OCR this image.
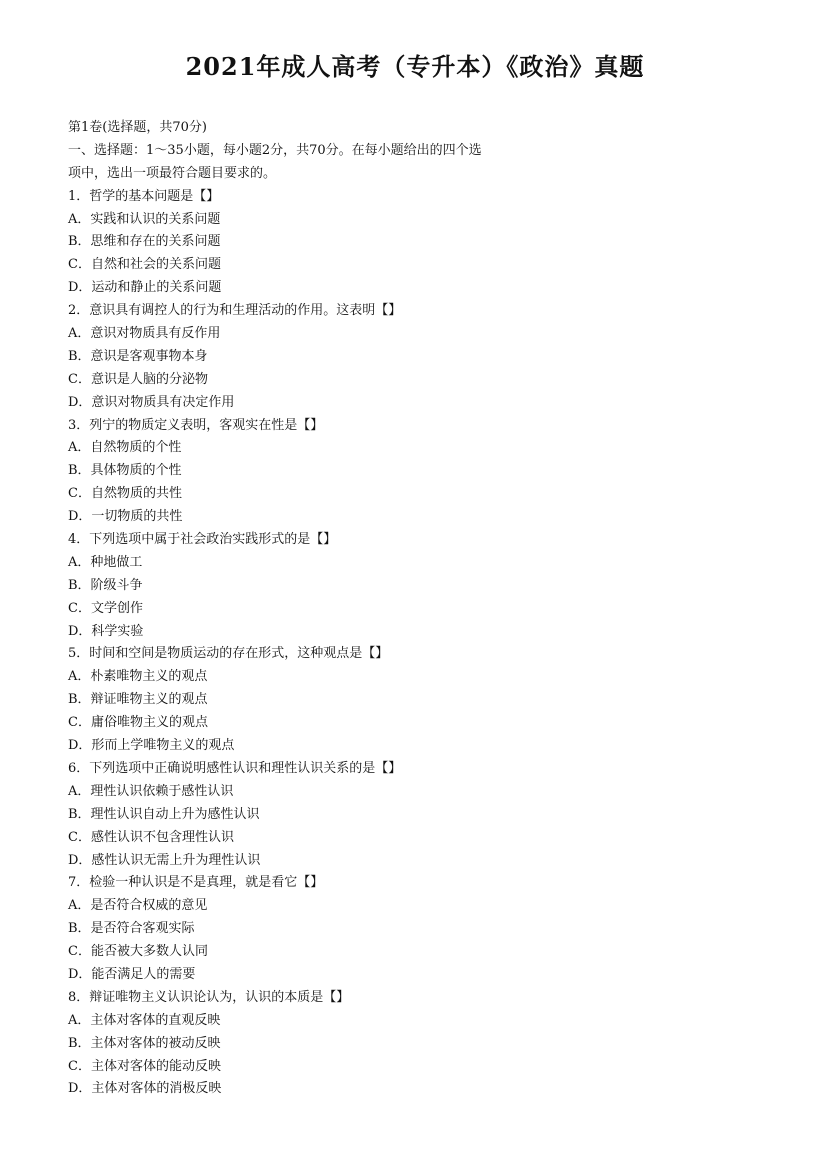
2021年成人高考（专升本）《政治》真题
第1卷(选择题，共70分)
一、选择题：1～35小题，每小题2分，共70分。在每小题给出的四个选
项中，选出一项最符合题目要求的。
1．哲学的基本问题是【】
A．实践和认识的关系问题
B．思维和存在的关系问题
C．自然和社会的关系问题
D．运动和静止的关系问题
2．意识具有调控人的行为和生理活动的作用。这表明【】
A．意识对物质具有反作用
B．意识是客观事物本身
C．意识是人脑的分泌物
D．意识对物质具有决定作用
3．列宁的物质定义表明，客观实在性是【】
A．自然物质的个性
B．具体物质的个性
C．自然物质的共性
D．一切物质的共性
4．下列选项中属于社会政治实践形式的是【】
A．种地做工
B．阶级斗争
C．文学创作
D．科学实验
5．时间和空间是物质运动的存在形式，这种观点是【】
A．朴素唯物主义的观点
B．辩证唯物主义的观点
C．庸俗唯物主义的观点
D．形而上学唯物主义的观点
6．下列选项中正确说明感性认识和理性认识关系的是【】
A．理性认识依赖于感性认识
B．理性认识自动上升为感性认识
C．感性认识不包含理性认识
D．感性认识无需上升为理性认识
7．检验一种认识是不是真理，就是看它【】
A．是否符合权威的意见
B．是否符合客观实际
C．能否被大多数人认同
D．能否满足人的需要
8．辩证唯物主义认识论认为，认识的本质是【】
A．主体对客体的直观反映
B．主体对客体的被动反映
C．主体对客体的能动反映
D．主体对客体的消极反映
